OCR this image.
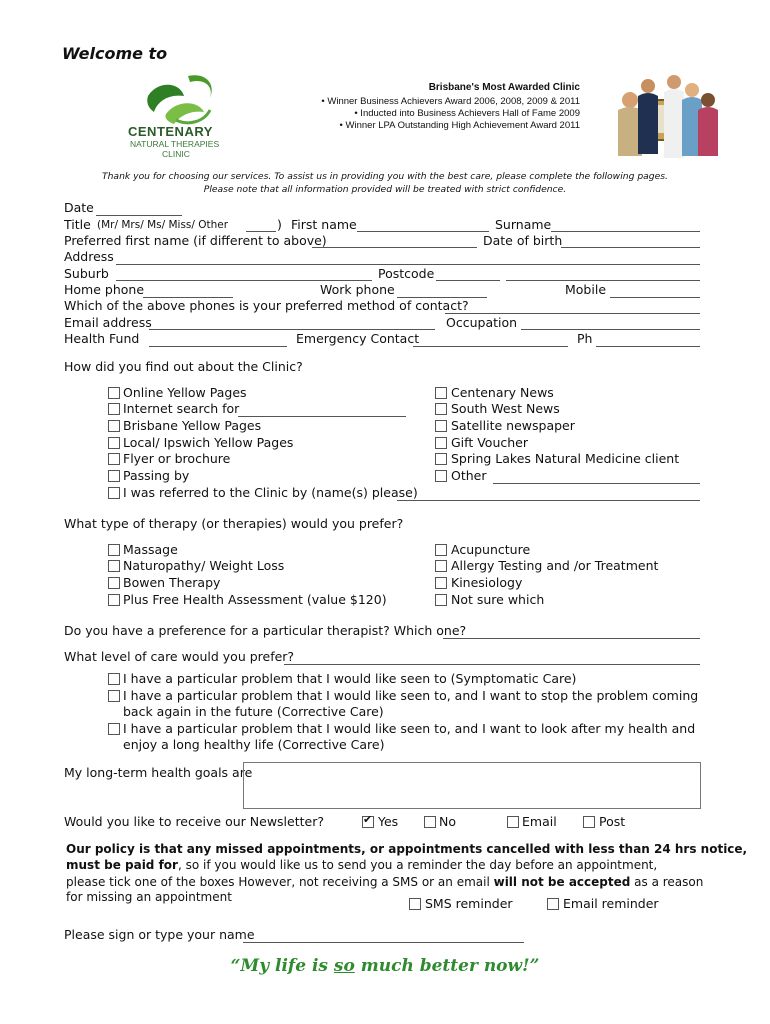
Welcome to
CENTENARY
NATURAL THERAPIES
CLINIC
Brisbane's Most Awarded Clinic
• Winner Business Achievers Award 2006, 2008, 2009 & 2011
• Inducted into Business Achievers Hall of Fame 2009
• Winner LPA Outstanding High Achievement Award 2011
Thank you for choosing our services. To assist us in providing you with the best care, please complete the following pages.
Please note that all information provided will be treated with strict confidence.
Date
Title (Mr/ Mrs/ Ms/ Miss/ Other	) First name	Surname
Preferred first name (if different to above)	Date of birth
Address
Suburb	Postcode
Home phone	Work phone	Mobile
Which of the above phones is your preferred method of contact?
Email address	Occupation
Health Fund	Emergency Contact	Ph
How did you find out about the Clinic?
Online Yellow Pages
Internet search for
Brisbane Yellow Pages
Local/ Ipswich Yellow Pages
Flyer or brochure
Passing by
I was referred to the Clinic by (name(s) please)
Centenary News
South West News
Satellite newspaper
Gift Voucher
Spring Lakes Natural Medicine client
Other
What type of therapy (or therapies) would you prefer?
Massage
Naturopathy/ Weight Loss
Bowen Therapy
Plus Free Health Assessment (value $120)
Acupuncture
Allergy Testing and /or Treatment
Kinesiology
Not sure which
Do you have a preference for a particular therapist? Which one?
What level of care would you prefer?
I have a particular problem that I would like seen to (Symptomatic Care)
I have a particular problem that I would like seen to, and I want to stop the problem coming
back again in the future (Corrective Care)
I have a particular problem that I would like seen to, and I want to look after my health and
enjoy a long healthy life (Corrective Care)
My long-term health goals are
Would you like to receive our Newsletter?
✔	Yes	No	Email	Post
Our policy is that any missed appointments, or appointments cancelled with less than 24 hrs notice,
must be paid for, so if you would like us to send you a reminder the day before an appointment,
please tick one of the boxes However, not receiving a SMS or an email will not be accepted as a reason
for missing an appointment	SMS reminder	Email reminder
Please sign or type your name
“My life is so much better now!”
